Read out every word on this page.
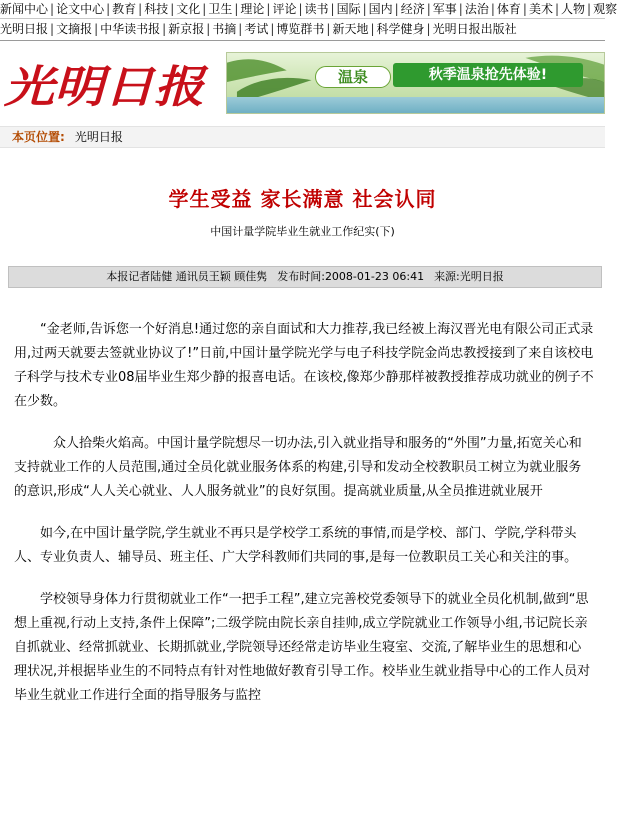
新闻中心 | 论文中心 | 教育 | 科技 | 文化 | 卫生 | 理论 | 评论 | 读书 | 国际 | 国内 | 经济 | 军事 | 法治 | 体育 | 美术 | 人物 | 观察
光明日报 | 文摘报 | 中华读书报 | 新京报 | 书摘 | 考试 | 博览群书 | 新天地 | 科学健身 | 光明日报出版社
光明日报	温泉	秋季温泉抢先体验!
本页位置: 光明日报
学生受益 家长满意 社会认同
中国计量学院毕业生就业工作纪实(下)
本报记者陆健 通讯员王颖 顾佳隽 发布时间:2008-01-23 06:41 来源:光明日报

“金老师,告诉您一个好消息!通过您的亲自面试和大力推荐,我已经被上海汉晋光电有限公司正式录用,过两天就要去签就业协议了!”日前,中国计量学院光学与电子科技学院金尚忠教授接到了来自该校电子科学与技术专业08届毕业生郑少静的报喜电话。在该校,像郑少静那样被教授推荐成功就业的例子不在少数。

众人拾柴火焰高。中国计量学院想尽一切办法,引入就业指导和服务的“外围”力量,拓宽关心和支持就业工作的人员范围,通过全员化就业服务体系的构建,引导和发动全校教职员工树立为就业服务的意识,形成“人人关心就业、人人服务就业”的良好氛围。提高就业质量,从全员推进就业展开

如今,在中国计量学院,学生就业不再只是学校学工系统的事情,而是学校、部门、学院,学科带头人、专业负责人、辅导员、班主任、广大学科教师们共同的事,是每一位教职员工关心和关注的事。

学校领导身体力行贯彻就业工作“一把手工程”,建立完善校党委领导下的就业全员化机制,做到“思想上重视,行动上支持,条件上保障”;二级学院由院长亲自挂帅,成立学院就业工作领导小组,书记院长亲自抓就业、经常抓就业、长期抓就业,学院领导还经常走访毕业生寝室、交流,了解毕业生的思想和心理状况,并根据毕业生的不同特点有针对性地做好教育引导工作。校毕业生就业指导中心的工作人员对毕业生就业工作进行全面的指导服务与监控
